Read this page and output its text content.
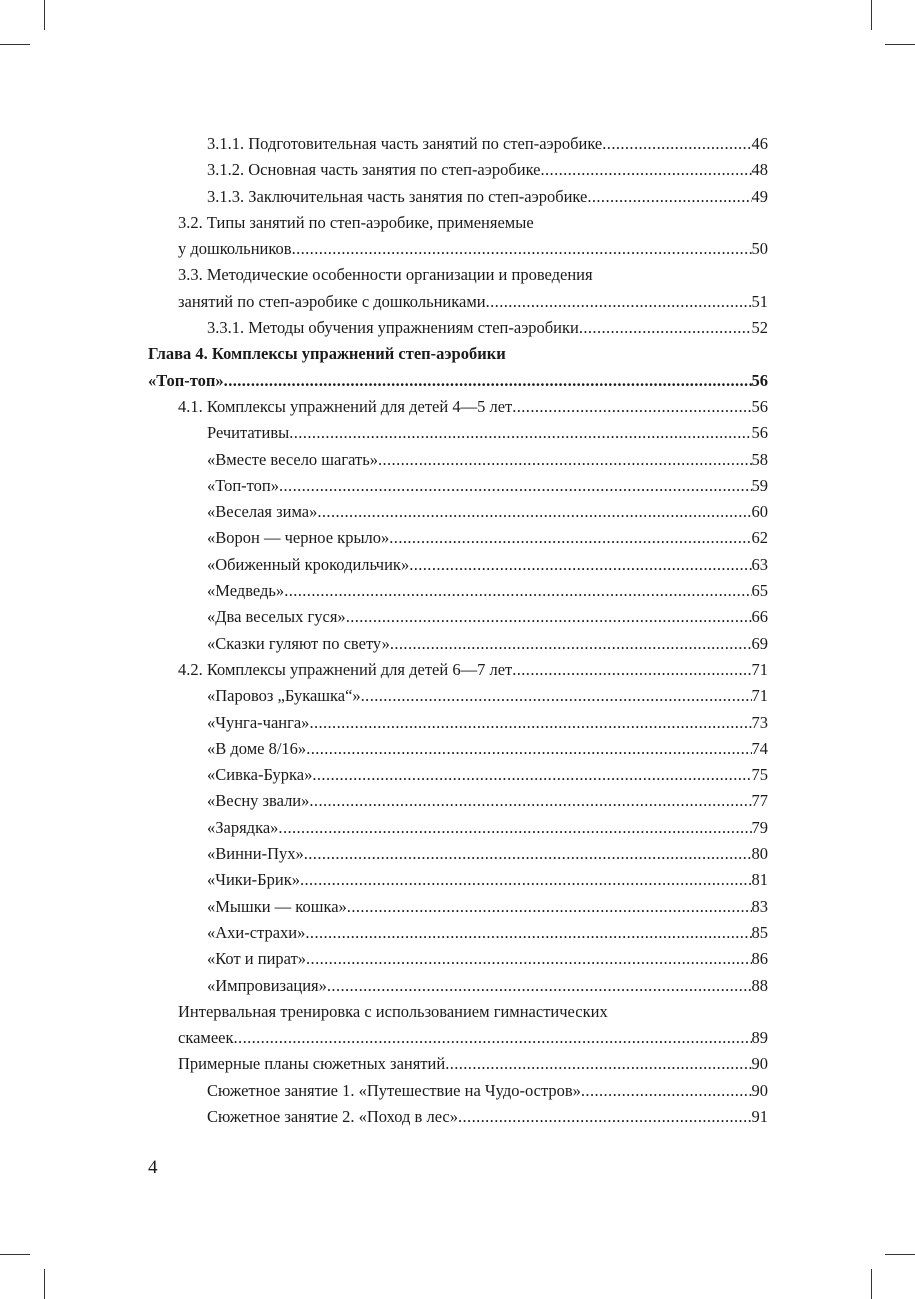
3.1.1. Подготовительная часть занятий по степ-аэробике .....	46
3.1.2. Основная часть занятия по степ-аэробике .....	48
3.1.3. Заключительная часть занятия по степ-аэробике .....	49
3.2. Типы занятий по степ-аэробике, применяемые
у дошкольников .....	50
3.3. Методические особенности организации и проведения
занятий по степ-аэробике с дошкольниками .....	51
3.3.1. Методы обучения упражнениям степ-аэробики .....	52
Глава 4. Комплексы упражнений степ-аэробики
«Топ-топ» .....	56
4.1. Комплексы упражнений для детей 4—5 лет .....	56
Речитативы .....	56
«Вместе весело шагать» .....	58
«Топ-топ» .....	59
«Веселая зима» .....	60
«Ворон — черное крыло» .....	62
«Обиженный крокодильчик» .....	63
«Медведь» .....	65
«Два веселых гуся» .....	66
«Сказки гуляют по свету» .....	69
4.2. Комплексы упражнений для детей 6—7 лет .....	71
«Паровоз „Букашка“» .....	71
«Чунга-чанга» .....	73
«В доме 8/16» .....	74
«Сивка-Бурка» .....	75
«Весну звали» .....	77
«Зарядка» .....	79
«Винни-Пух» .....	80
«Чики-Брик» .....	81
«Мышки — кошка» .....	83
«Ахи-страхи» .....	85
«Кот и пират» .....	86
«Импровизация» .....	88
Интервальная тренировка с использованием гимнастических
скамеек .....	89
Примерные планы сюжетных занятий .....	90
Сюжетное занятие 1. «Путешествие на Чудо-остров» .....	90
Сюжетное занятие 2. «Поход в лес» .....	91
4
